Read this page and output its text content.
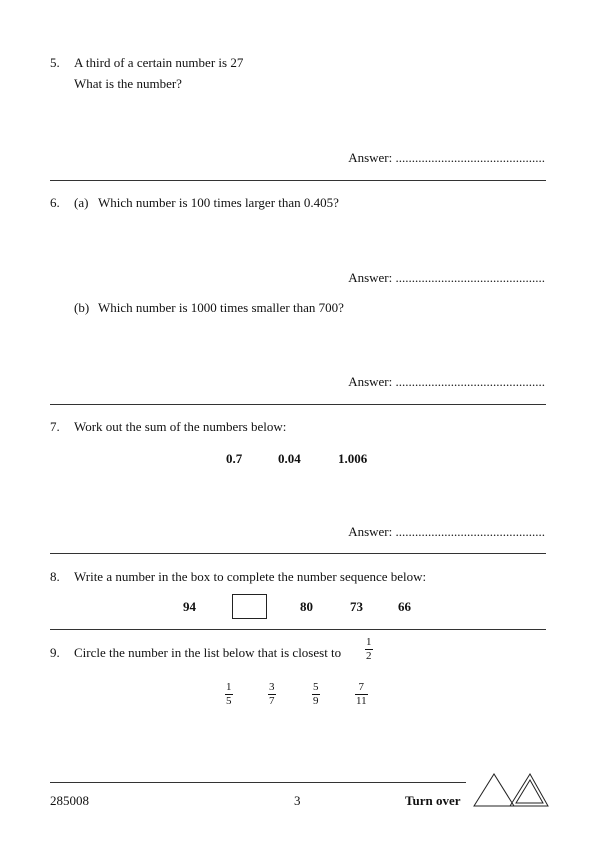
5. A third of a certain number is 27
What is the number?
Answer: ..............................................
6. (a) Which number is 100 times larger than 0.405?
Answer: ..............................................
(b) Which number is 1000 times smaller than 700?
Answer: ..............................................
7. Work out the sum of the numbers below:
0.7	0.04	1.006
Answer: ..............................................
8. Write a number in the box to complete the number sequence below:
94	80	73	66
9. Circle the number in the list below that is closest to
1
2
1
5
3
7
5
9
7
11
285008	3	Turn over
